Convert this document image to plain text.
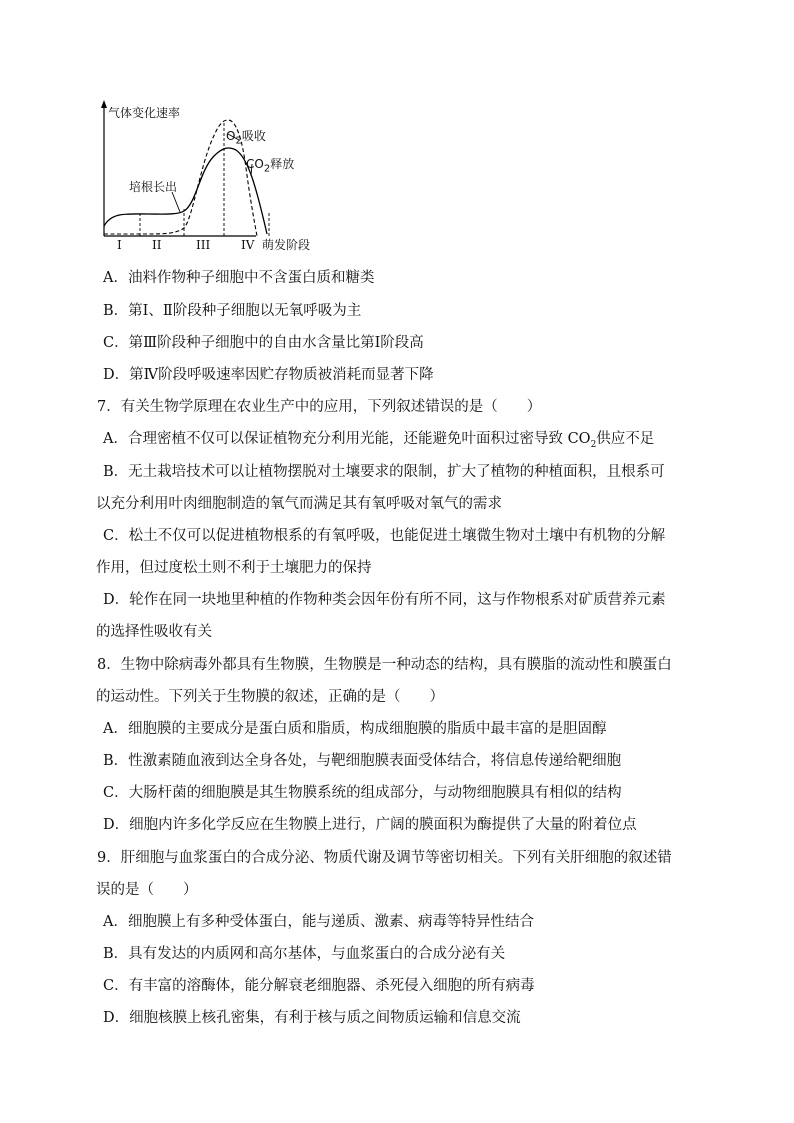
气体变化速率
$O_2$吸收
$CO_2$释放
培根长出
I	II	III	IV 萌发阶段
A．油料作物种子细胞中不含蛋白质和糖类
B．第Ⅰ、Ⅱ阶段种子细胞以无氧呼吸为主
C．第Ⅲ阶段种子细胞中的自由水含量比第Ⅰ阶段高
D．第Ⅳ阶段呼吸速率因贮存物质被消耗而显著下降
7．有关生物学原理在农业生产中的应用，下列叙述错误的是（　　）
A．合理密植不仅可以保证植物充分利用光能，还能避免叶面积过密导致 $CO_2$供应不足
B．无土栽培技术可以让植物摆脱对土壤要求的限制，扩大了植物的种植面积，且根系可
以充分利用叶肉细胞制造的氧气而满足其有氧呼吸对氧气的需求
C．松土不仅可以促进植物根系的有氧呼吸，也能促进土壤微生物对土壤中有机物的分解
作用，但过度松土则不利于土壤肥力的保持
D．轮作在同一块地里种植的作物种类会因年份有所不同，这与作物根系对矿质营养元素
的选择性吸收有关
8．生物中除病毒外都具有生物膜，生物膜是一种动态的结构，具有膜脂的流动性和膜蛋白
的运动性。下列关于生物膜的叙述，正确的是（　　）
A．细胞膜的主要成分是蛋白质和脂质，构成细胞膜的脂质中最丰富的是胆固醇
B．性激素随血液到达全身各处，与靶细胞膜表面受体结合，将信息传递给靶细胞
C．大肠杆菌的细胞膜是其生物膜系统的组成部分，与动物细胞膜具有相似的结构
D．细胞内许多化学反应在生物膜上进行，广阔的膜面积为酶提供了大量的附着位点
9．肝细胞与血浆蛋白的合成分泌、物质代谢及调节等密切相关。下列有关肝细胞的叙述错
误的是（　　）
A．细胞膜上有多种受体蛋白，能与递质、激素、病毒等特异性结合
B．具有发达的内质网和高尔基体，与血浆蛋白的合成分泌有关
C．有丰富的溶酶体，能分解衰老细胞器、杀死侵入细胞的所有病毒
D．细胞核膜上核孔密集，有利于核与质之间物质运输和信息交流
